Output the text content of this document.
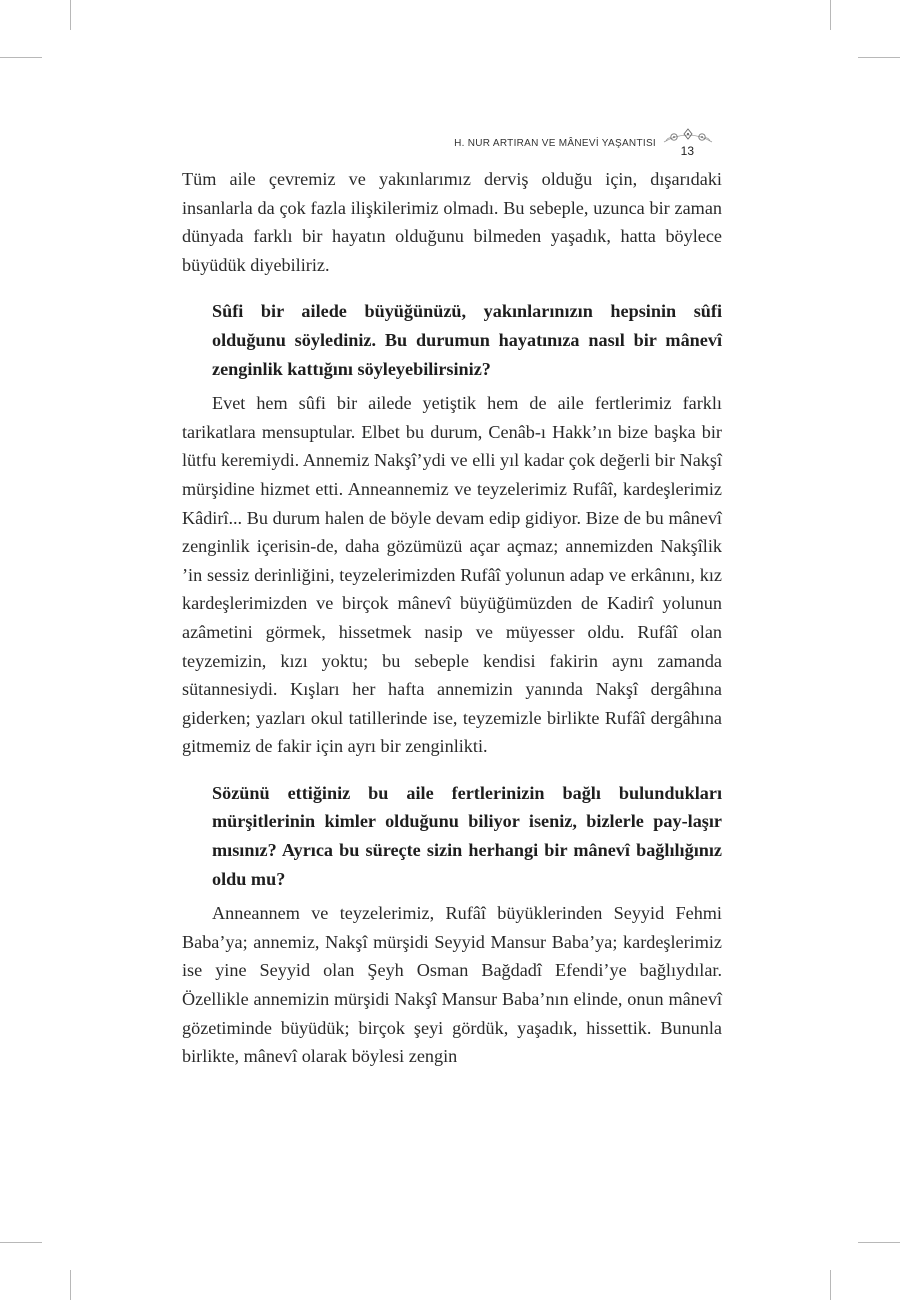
H. NUR ARTIRAN VE MÂNEVİ YAŞANTISI
13

Tüm aile çevremiz ve yakınlarımız derviş olduğu için, dışarıdaki insanlarla da çok fazla ilişkilerimiz olmadı. Bu sebeple, uzunca bir zaman dünyada farklı bir hayatın olduğunu bilmeden yaşadık, hatta böylece büyüdük diyebiliriz.

Sûfi bir ailede büyüğünüzü, yakınlarınızın hepsinin sûfi olduğunu söylediniz. Bu durumun hayatınıza nasıl bir mânevî zenginlik kattığını söyleyebilirsiniz?

Evet hem sûfi bir ailede yetiştik hem de aile fertlerimiz farklı tarikatlara mensuptular. Elbet bu durum, Cenâb-ı Hakk’ın bize başka bir lütfu keremiydi. Annemiz Nakşî’ydi ve elli yıl kadar çok değerli bir Nakşî mürşidine hizmet etti. Anneannemiz ve teyzelerimiz Rufâî, kardeşlerimiz Kâdirî... Bu durum halen de böyle devam edip gidiyor. Bize de bu mânevî zenginlik içerisin-de, daha gözümüzü açar açmaz; annemizden Nakşîlik ’in sessiz derinliğini, teyzelerimizden Rufâî yolunun adap ve erkânını, kız kardeşlerimizden ve birçok mânevî büyüğümüzden de Kadirî yolunun azâmetini görmek, hissetmek nasip ve müyesser oldu. Rufâî olan teyzemizin, kızı yoktu; bu sebeple kendisi fakirin aynı zamanda sütannesiydi. Kışları her hafta annemizin yanında Nakşî dergâhına giderken; yazları okul tatillerinde ise, teyzemizle birlikte Rufâî dergâhına gitmemiz de fakir için ayrı bir zenginlikti.

Sözünü ettiğiniz bu aile fertlerinizin bağlı bulundukları mürşitlerinin kimler olduğunu biliyor iseniz, bizlerle pay-laşır mısınız? Ayrıca bu süreçte sizin herhangi bir mânevî bağlılığınız oldu mu?

Anneannem ve teyzelerimiz, Rufâî büyüklerinden Seyyid Fehmi Baba’ya; annemiz, Nakşî mürşidi Seyyid Mansur Baba’ya; kardeşlerimiz ise yine Seyyid olan Şeyh Osman Bağdadî Efendi’ye bağlıydılar. Özellikle annemizin mürşidi Nakşî Mansur Baba’nın elinde, onun mânevî gözetiminde büyüdük; birçok şeyi gördük, yaşadık, hissettik. Bununla birlikte, mânevî olarak böylesi zengin
